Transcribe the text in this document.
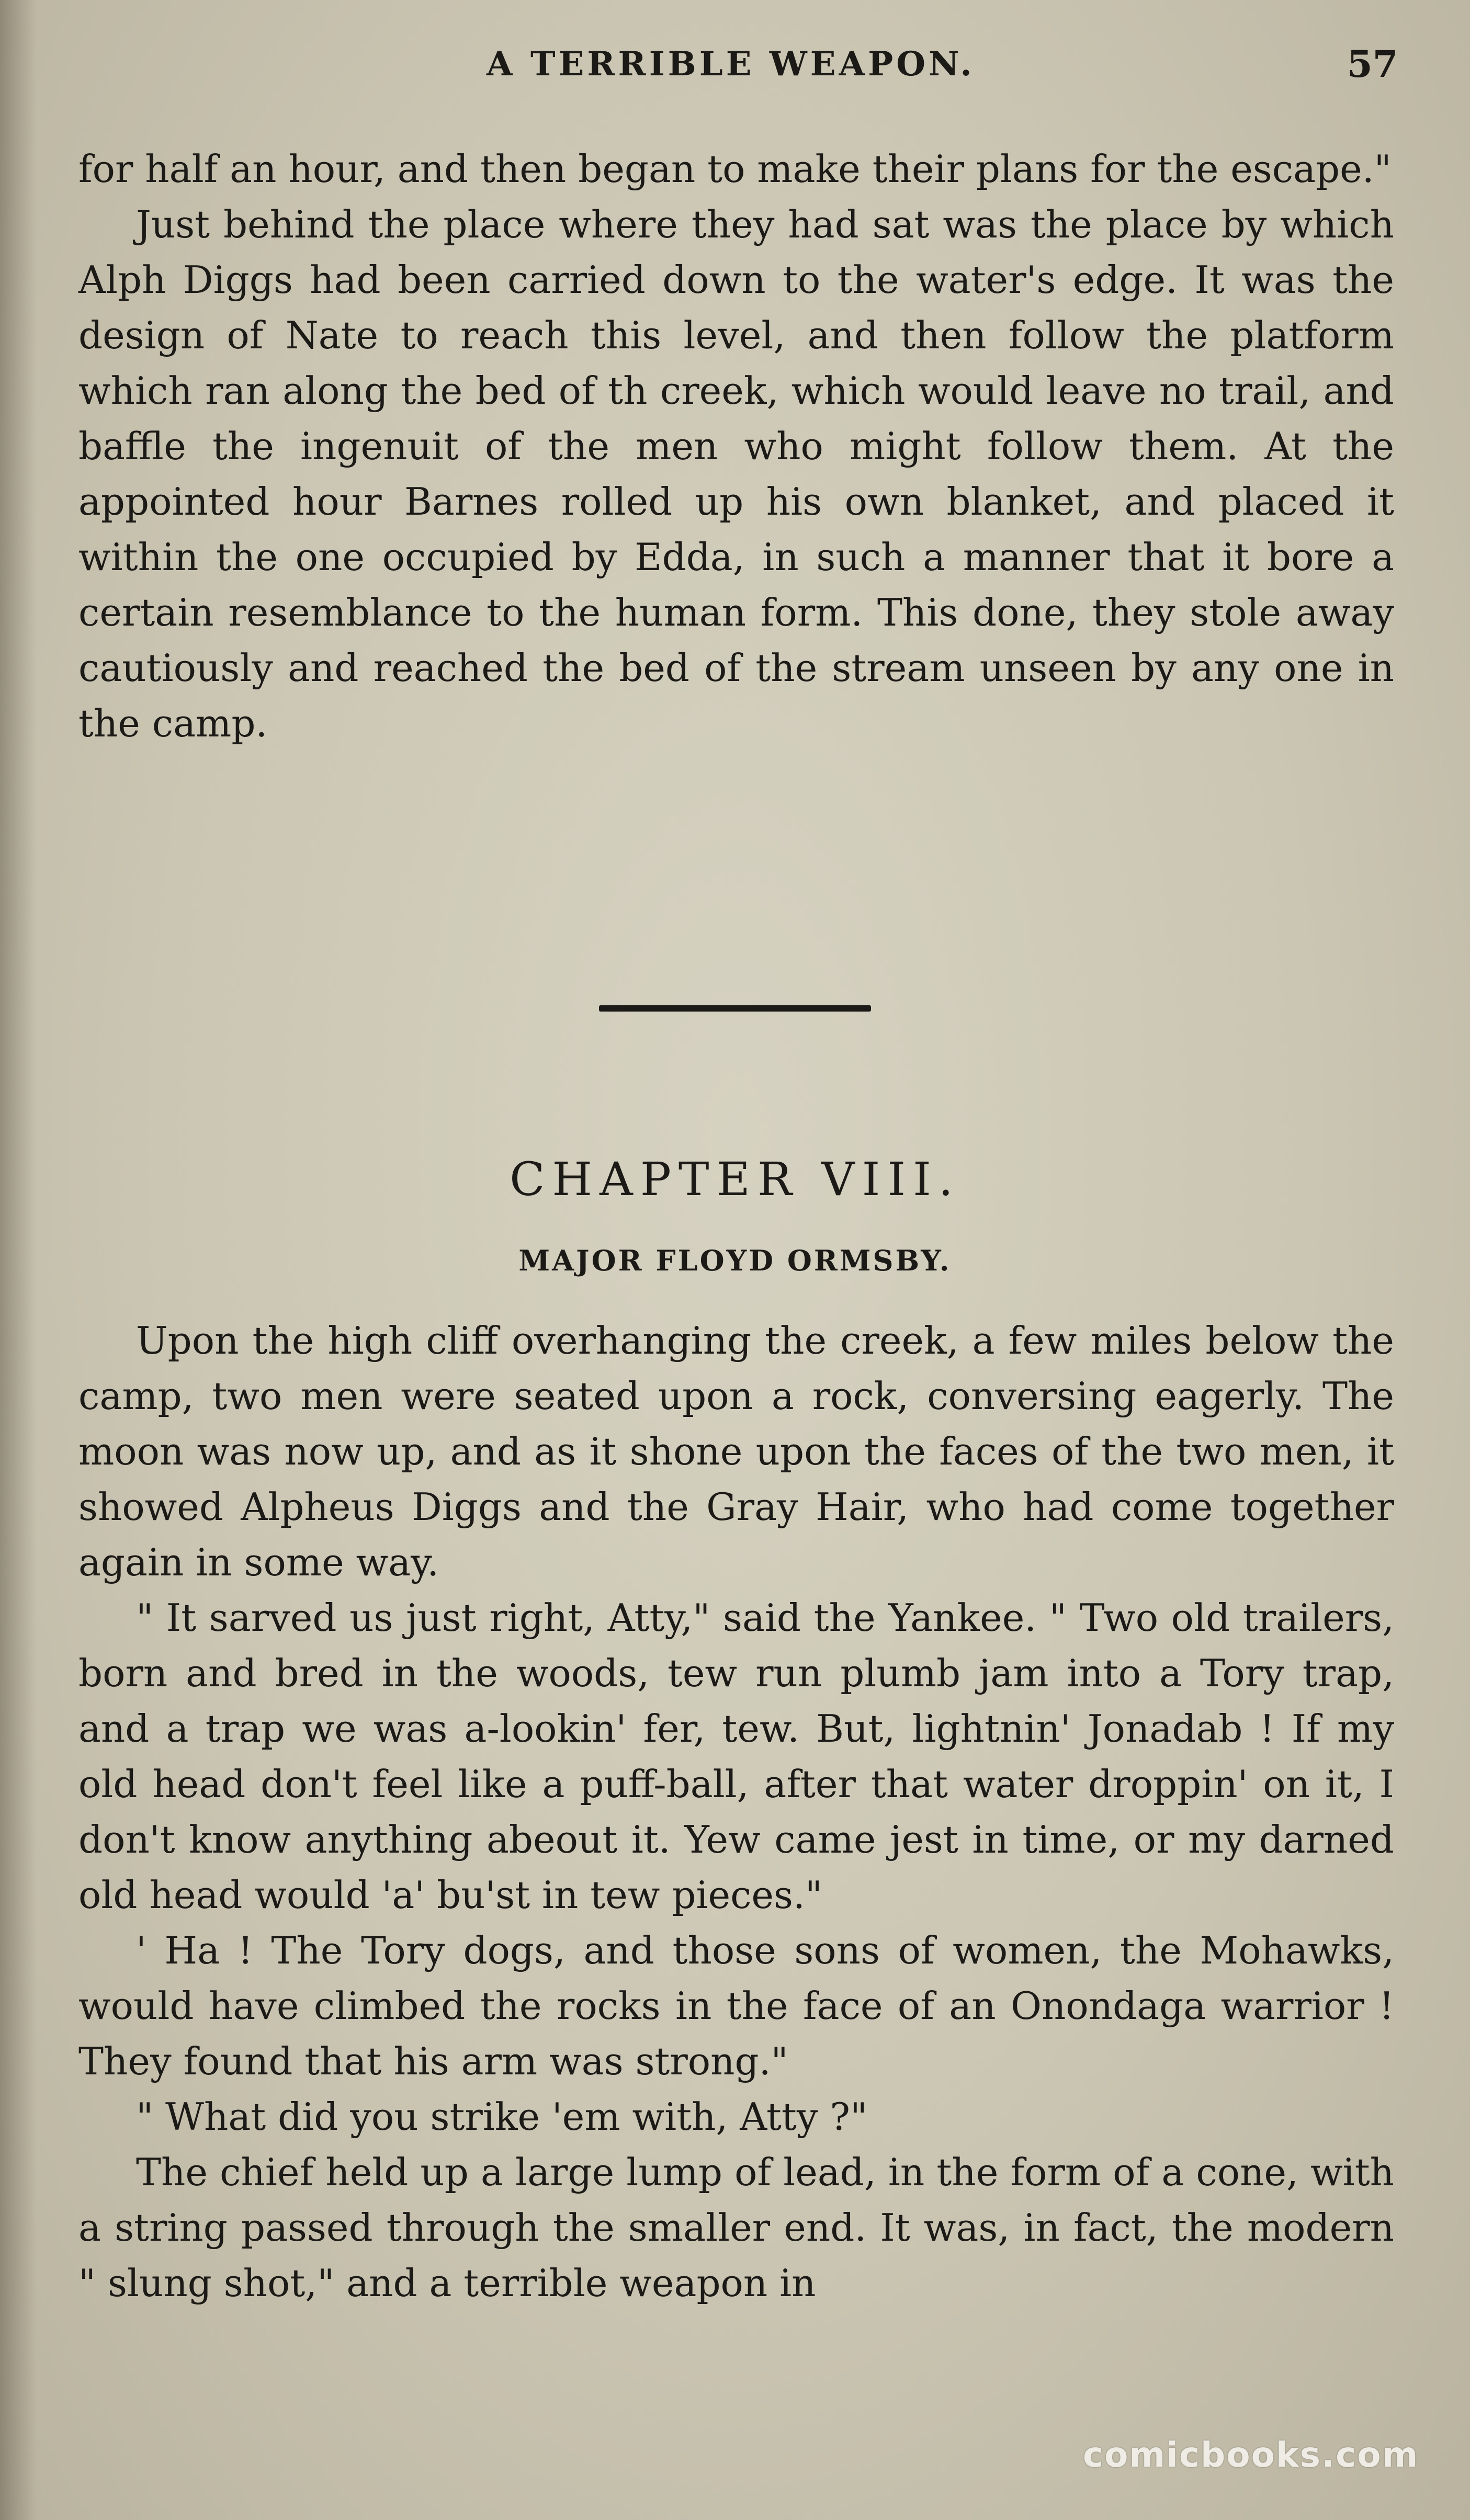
A TERRIBLE WEAPON.	57

for half an hour, and then began to make their plans for the escape."

Just behind the place where they had sat was the place by which Alph Diggs had been carried down to the water's edge. It was the design of Nate to reach this level, and then follow the platform which ran along the bed of th creek, which would leave no trail, and baffle the ingenuit of the men who might follow them. At the appointed hour Barnes rolled up his own blanket, and placed it within the one occupied by Edda, in such a manner that it bore a certain resemblance to the human form. This done, they stole away cautiously and reached the bed of the stream unseen by any one in the camp.

CHAPTER VIII.
MAJOR FLOYD ORMSBY.

Upon the high cliff overhanging the creek, a few miles below the camp, two men were seated upon a rock, conversing eagerly. The moon was now up, and as it shone upon the faces of the two men, it showed Alpheus Diggs and the Gray Hair, who had come together again in some way.

" It sarved us just right, Atty," said the Yankee. " Two old trailers, born and bred in the woods, tew run plumb jam into a Tory trap, and a trap we was a-lookin' fer, tew. But, lightnin' Jonadab ! If my old head don't feel like a puff-ball, after that water droppin' on it, I don't know anything abeout it. Yew came jest in time, or my darned old head would 'a' bu'st in tew pieces."

' Ha ! The Tory dogs, and those sons of women, the Mohawks, would have climbed the rocks in the face of an Onondaga warrior ! They found that his arm was strong."

" What did you strike 'em with, Atty ?"

The chief held up a large lump of lead, in the form of a cone, with a string passed through the smaller end. It was, in fact, the modern " slung shot," and a terrible weapon in

comicbooks.com
